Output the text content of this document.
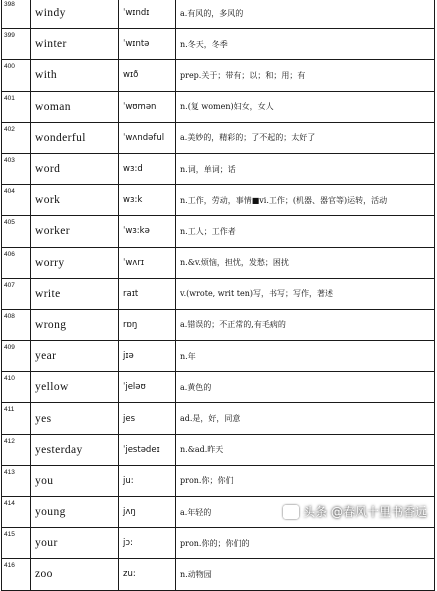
398	windy	ˈwɪndɪ	a.有风的，多风的
399	winter	ˈwɪntə	n.冬天，冬季
400	with	wɪð	prep.关于；带有；以；和；用；有
401	woman	ˈwʊmən	n.(复 women)妇女，女人
402	wonderful	ˈwʌndəful	a.美妙的，精彩的；了不起的；太好了
403	word	wɜ:d	n.词，单词；话
404	work	wɜ:k	n.工作，劳动，事情■vi.工作；(机器、器官等)运转，活动
405	worker	ˈwɜ:kə	n.工人；工作者
406	worry	ˈwʌrɪ	n.&v.烦恼，担忧，发愁；困扰
407	write	raɪt	v.(wrote, writ ten)写，书写；写作，著述
408	wrong	rɒŋ	a.错误的；不正常的,有毛病的
409	year	jɪə	n.年
410	yellow	ˈjeləʊ	a.黄色的
411	yes	jes	ad.是，好，同意
412	yesterday	ˈjestədeɪ	n.&ad.昨天
413	you	ju:	pron.你；你们
414	young	jʌŋ	a.年轻的
415	your	jɔ:	pron.你的；你们的
416	zoo	zu:	n.动物园
头条 @春风十里书香远
